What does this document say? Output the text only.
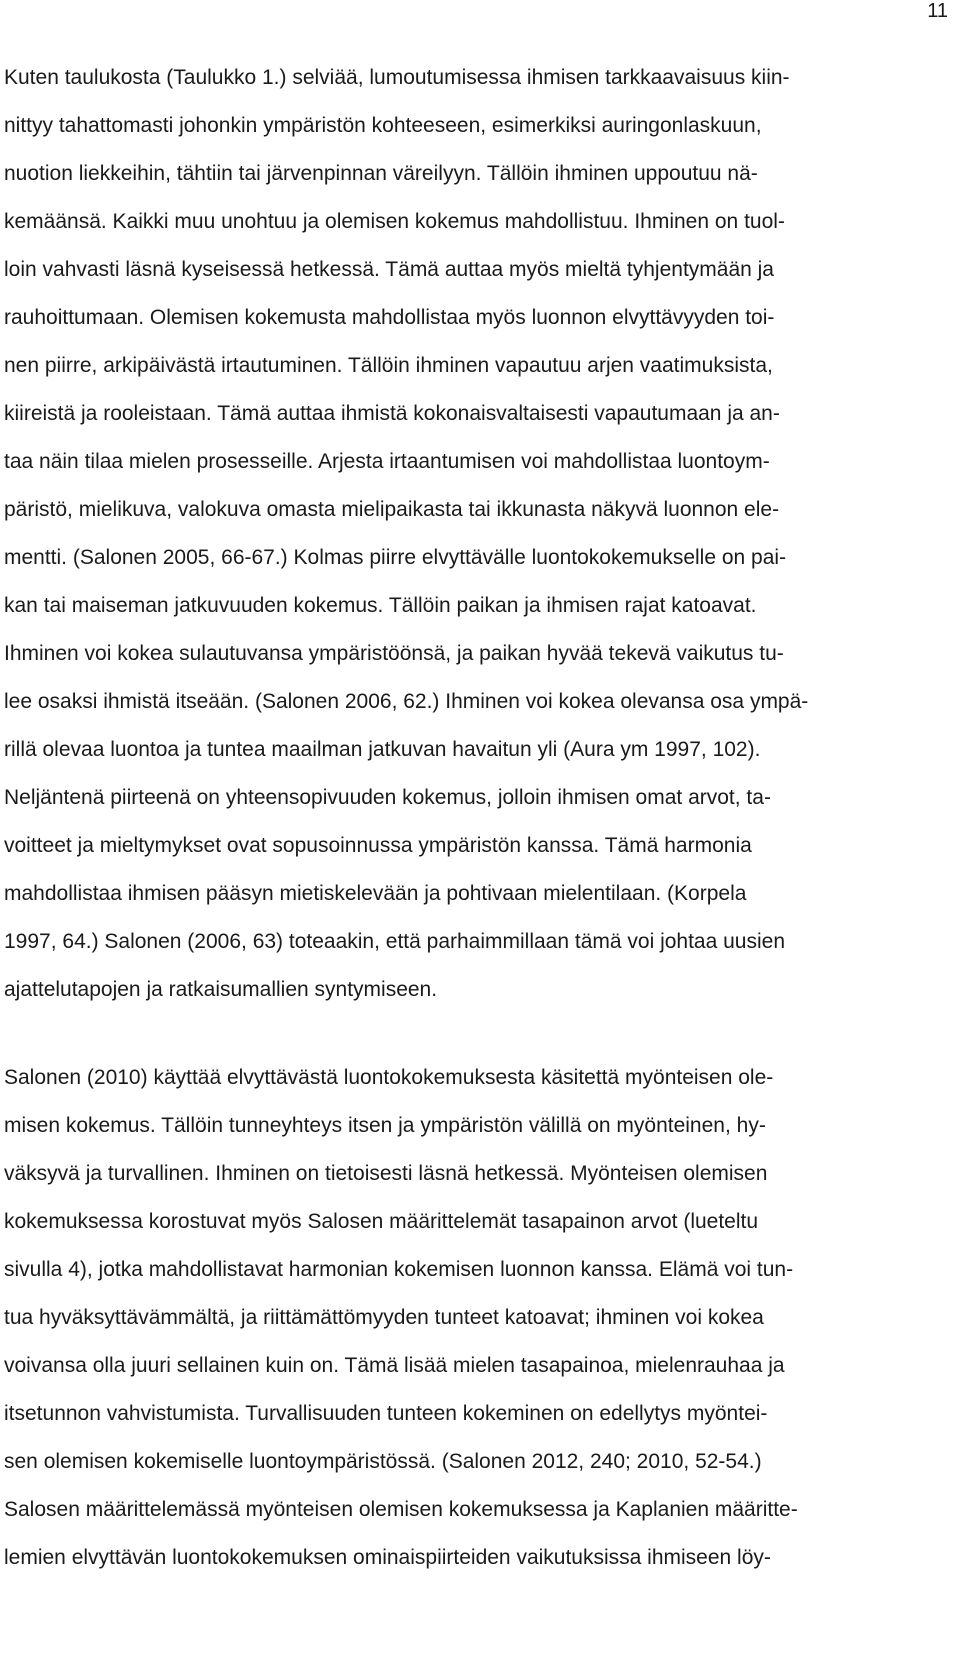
11
Kuten taulukosta (Taulukko 1.) selviää, lumoutumisessa ihmisen tarkkaavaisuus kiin-
nittyy tahattomasti johonkin ympäristön kohteeseen, esimerkiksi auringonlaskuun,
nuotion liekkeihin, tähtiin tai järvenpinnan väreilyyn. Tällöin ihminen uppoutuu nä-
kemäänsä. Kaikki muu unohtuu ja olemisen kokemus mahdollistuu. Ihminen on tuol-
loin vahvasti läsnä kyseisessä hetkessä. Tämä auttaa myös mieltä tyhjentymään ja
rauhoittumaan. Olemisen kokemusta mahdollistaa myös luonnon elvyttävyyden toi-
nen piirre, arkipäivästä irtautuminen. Tällöin ihminen vapautuu arjen vaatimuksista,
kiireistä ja rooleistaan. Tämä auttaa ihmistä kokonaisvaltaisesti vapautumaan ja an-
taa näin tilaa mielen prosesseille. Arjesta irtaantumisen voi mahdollistaa luontoym-
päristö, mielikuva, valokuva omasta mielipaikasta tai ikkunasta näkyvä luonnon ele-
mentti. (Salonen 2005, 66-67.) Kolmas piirre elvyttävälle luontokokemukselle on pai-
kan tai maiseman jatkuvuuden kokemus. Tällöin paikan ja ihmisen rajat katoavat.
Ihminen voi kokea sulautuvansa ympäristöönsä, ja paikan hyvää tekevä vaikutus tu-
lee osaksi ihmistä itseään. (Salonen 2006, 62.) Ihminen voi kokea olevansa osa ympä-
rillä olevaa luontoa ja tuntea maailman jatkuvan havaitun yli (Aura ym 1997, 102).
Neljäntenä piirteenä on yhteensopivuuden kokemus, jolloin ihmisen omat arvot, ta-
voitteet ja mieltymykset ovat sopusoinnussa ympäristön kanssa. Tämä harmonia
mahdollistaa ihmisen pääsyn mietiskelevään ja pohtivaan mielentilaan. (Korpela
1997, 64.) Salonen (2006, 63) toteaakin, että parhaimmillaan tämä voi johtaa uusien
ajattelutapojen ja ratkaisumallien syntymiseen.
Salonen (2010) käyttää elvyttävästä luontokokemuksesta käsitettä myönteisen ole-
misen kokemus. Tällöin tunneyhteys itsen ja ympäristön välillä on myönteinen, hy-
väksyvä ja turvallinen. Ihminen on tietoisesti läsnä hetkessä. Myönteisen olemisen
kokemuksessa korostuvat myös Salosen määrittelemät tasapainon arvot (lueteltu
sivulla 4), jotka mahdollistavat harmonian kokemisen luonnon kanssa. Elämä voi tun-
tua hyväksyttävämmältä, ja riittämättömyyden tunteet katoavat; ihminen voi kokea
voivansa olla juuri sellainen kuin on. Tämä lisää mielen tasapainoa, mielenrauhaa ja
itsetunnon vahvistumista. Turvallisuuden tunteen kokeminen on edellytys myöntei-
sen olemisen kokemiselle luontoympäristössä. (Salonen 2012, 240; 2010, 52-54.)
Salosen määrittelemässä myönteisen olemisen kokemuksessa ja Kaplanien määritte-
lemien elvyttävän luontokokemuksen ominaispiirteiden vaikutuksissa ihmiseen löy-
